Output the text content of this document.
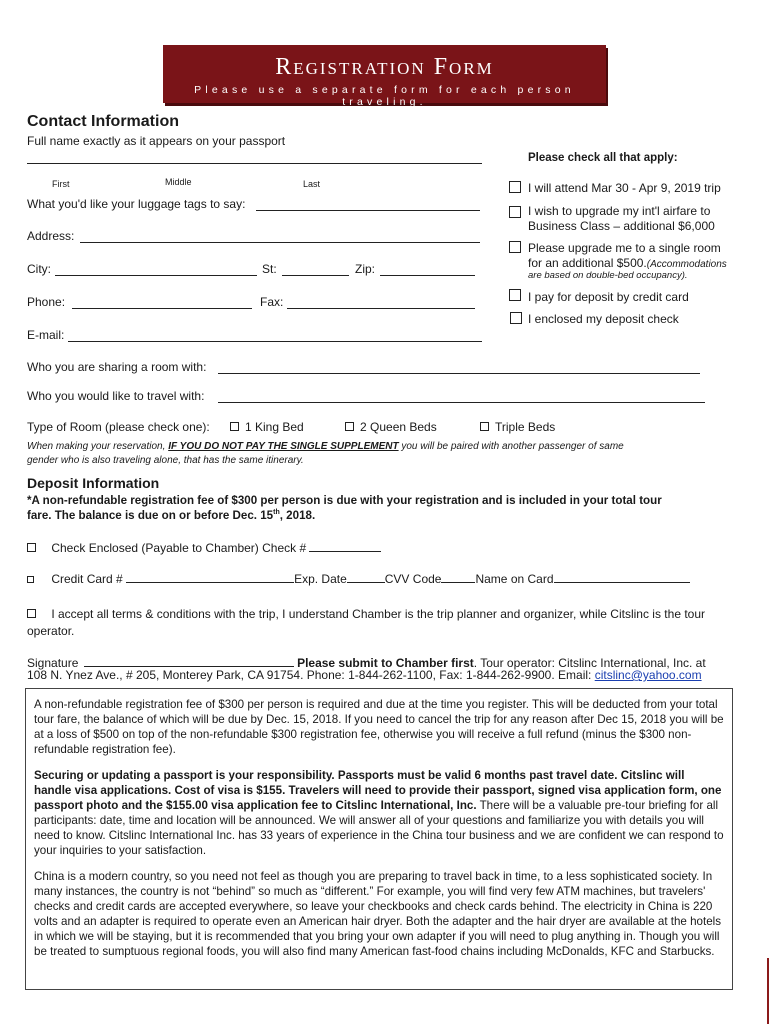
Registration Form
Please use a separate form for each person traveling.
Contact Information
Full name exactly as it appears on your passport
First	Middle	Last
What you'd like your luggage tags to say:
Address:
City:	St:	Zip:
Phone:	Fax:
E-mail:
Please check all that apply:
I will attend Mar 30 - Apr 9, 2019 trip
I wish to upgrade my int'l airfare to
Business Class – additional $6,000
Please upgrade me to a single room
for an additional $500.(Accommodations
are based on double-bed occupancy).
I pay for deposit by credit card
I enclosed my deposit check
Who you are sharing a room with:
Who you would like to travel with:
Type of Room (please check one):	1 King Bed	2 Queen Beds	Triple Beds
When making your reservation, IF YOU DO NOT PAY THE SINGLE SUPPLEMENT you will be paired with another passenger of same
gender who is also traveling alone, that has the same itinerary.
Deposit Information
*A non-refundable registration fee of $300 per person is due with your registration and is included in your total tour
fare. The balance is due on or before Dec. 15th, 2018.
Check Enclosed (Payable to Chamber) Check #
Credit Card #	Exp. Date	CVV Code	Name on Card
I accept all terms & conditions with the trip, I understand Chamber is the trip planner and organizer, while Citslinc is the tour
operator.
Signature	Please submit to Chamber first. Tour operator: Citslinc International, Inc. at
108 N. Ynez Ave., # 205, Monterey Park, CA 91754. Phone: 1-844-262-1100, Fax: 1-844-262-9900. Email: citslinc@yahoo.com

A non-refundable registration fee of $300 per person is required and due at the time you register. This will be deducted from your total tour fare, the balance of which will be due by Dec. 15, 2018. If you need to cancel the trip for any reason after Dec 15, 2018 you will be at a loss of $500 on top of the non-refundable $300 registration fee, otherwise you will receive a full refund (minus the $300 non-refundable registration fee).

Securing or updating a passport is your responsibility. Passports must be valid 6 months past travel date. Citslinc will handle visa applications. Cost of visa is $155. Travelers will need to provide their passport, signed visa application form, one passport photo and the $155.00 visa application fee to Citslinc International, Inc. There will be a valuable pre-tour briefing for all participants: date, time and location will be announced. We will answer all of your questions and familiarize you with details you will need to know. Citslinc International Inc. has 33 years of experience in the China tour business and we are confident we can respond to your inquiries to your satisfaction.

China is a modern country, so you need not feel as though you are preparing to travel back in time, to a less sophisticated society. In many instances, the country is not “behind” so much as “different.” For example, you will find very few ATM machines, but travelers' checks and credit cards are accepted everywhere, so leave your checkbooks and check cards behind. The electricity in China is 220 volts and an adapter is required to operate even an American hair dryer. Both the adapter and the hair dryer are available at the hotels in which we will be staying, but it is recommended that you bring your own adapter if you will need to plug anything in. Though you will be treated to sumptuous regional foods, you will also find many American fast-food chains including McDonalds, KFC and Starbucks.
